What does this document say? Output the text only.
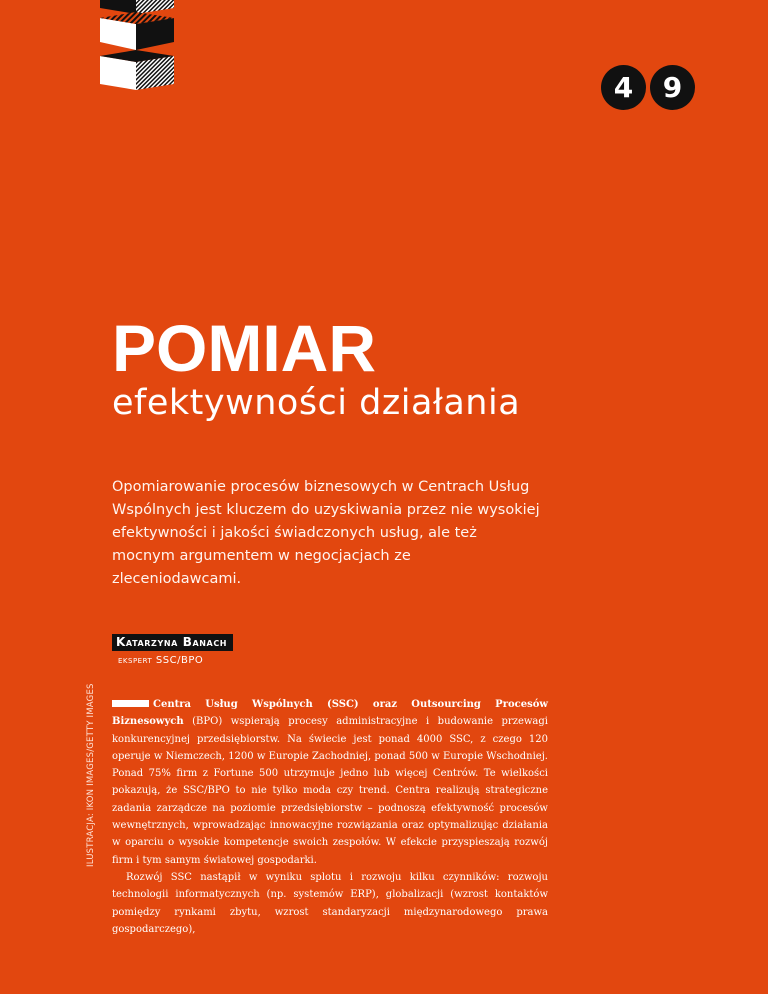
4	9
POMIAR
efektywności działania

Opomiarowanie procesów biznesowych w Centrach Usług Wspólnych jest kluczem do uzyskiwania przez nie wysokiej efektywności i jakości świadczonych usług, ale też mocnym argumentem w negocjacjach ze zleceniodawcami.

Katarzyna Banach
ekspert SSC/BPO
ILUSTRACJA: IKON IMAGES/GETTY IMAGES	Centra Usług Wspólnych (SSC) oraz Outsourcing Procesów Biznesowych (BPO) wspierają procesy administracyjne i budowanie przewagi konkurencyjnej przedsiębiorstw. Na świecie jest ponad 4000 SSC, z czego 120 operuje w Niemczech, 1200 w Europie Zachodniej, ponad 500 w Europie Wschodniej. Ponad 75% firm z Fortune 500 utrzymuje jedno lub więcej Centrów. Te wielkości pokazują, że SSC/BPO to nie tylko moda czy trend. Centra realizują strategiczne zadania zarządcze na poziomie przedsiębiorstw – podnoszą efektywność procesów wewnętrznych, wprowadzając innowacyjne rozwiązania oraz optymalizując działania w oparciu o wysokie kompetencje swoich zespołów. W efekcie przyspieszają rozwój firm i tym samym światowej gospodarki.

Rozwój SSC nastąpił w wyniku splotu i rozwoju kilku czynników: rozwoju technologii informatycznych (np. systemów ERP), globalizacji (wzrost kontaktów pomiędzy rynkami zbytu, wzrost standaryzacji międzynarodowego prawa gospodarczego),
